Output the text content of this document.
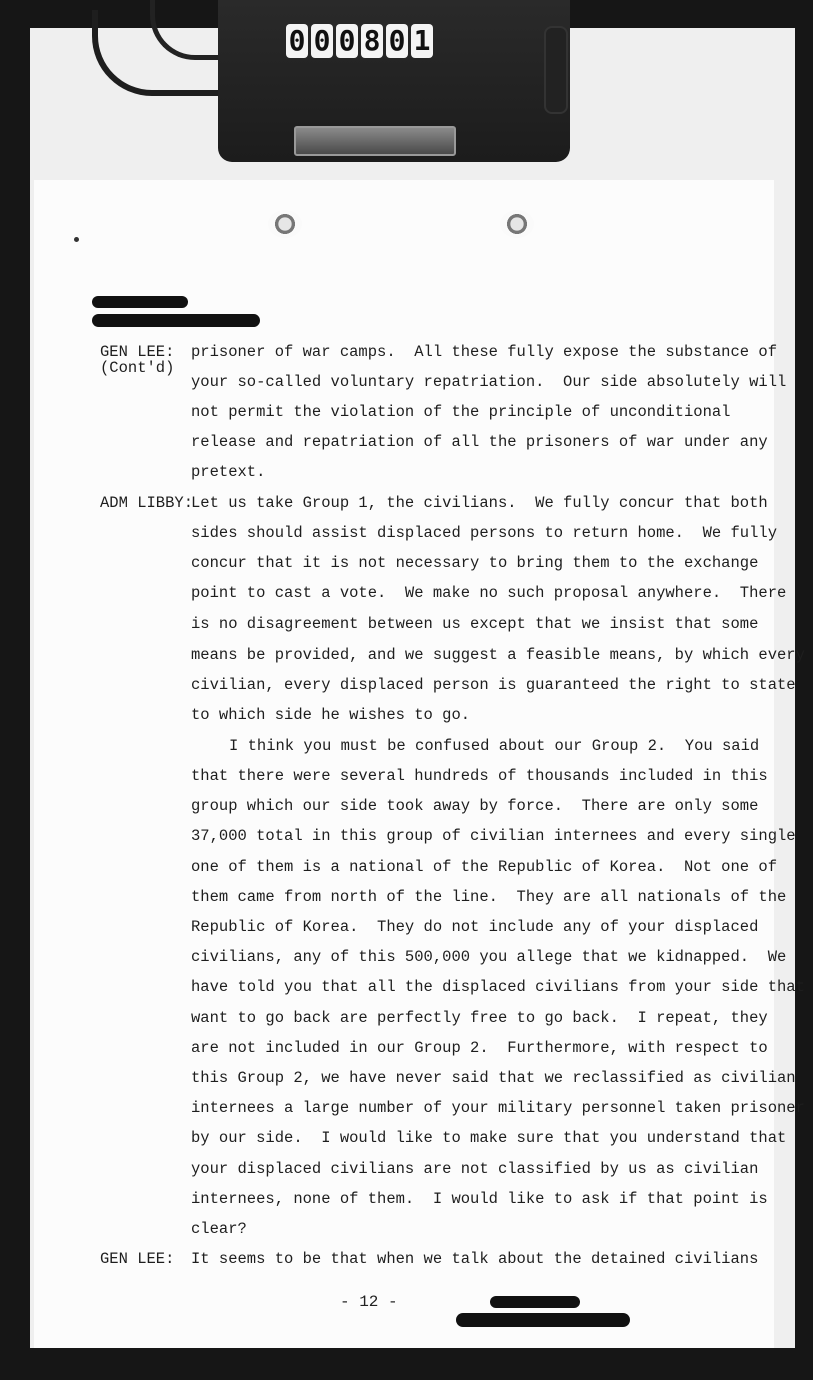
0 0 0 8 0 1
GEN LEE:
(Cont'd)
prisoner of war camps.  All these fully expose the substance of
your so-called voluntary repatriation.  Our side absolutely will
not permit the violation of the principle of unconditional
release and repatriation of all the prisoners of war under any
pretext.
ADM LIBBY:
Let us take Group 1, the civilians.  We fully concur that both
sides should assist displaced persons to return home.  We fully
concur that it is not necessary to bring them to the exchange
point to cast a vote.  We make no such proposal anywhere.  There
is no disagreement between us except that we insist that some
means be provided, and we suggest a feasible means, by which every
civilian, every displaced person is guaranteed the right to state
to which side he wishes to go.
I think you must be confused about our Group 2.  You said
that there were several hundreds of thousands included in this
group which our side took away by force.  There are only some
37,000 total in this group of civilian internees and every single
one of them is a national of the Republic of Korea.  Not one of
them came from north of the line.  They are all nationals of the
Republic of Korea.  They do not include any of your displaced
civilians, any of this 500,000 you allege that we kidnapped.  We
have told you that all the displaced civilians from your side that
want to go back are perfectly free to go back.  I repeat, they
are not included in our Group 2.  Furthermore, with respect to
this Group 2, we have never said that we reclassified as civilian
internees a large number of your military personnel taken prisoner
by our side.  I would like to make sure that you understand that
your displaced civilians are not classified by us as civilian
internees, none of them.  I would like to ask if that point is
clear?
GEN LEE: It seems to be that when we talk about the detained civilians
- 12 -
